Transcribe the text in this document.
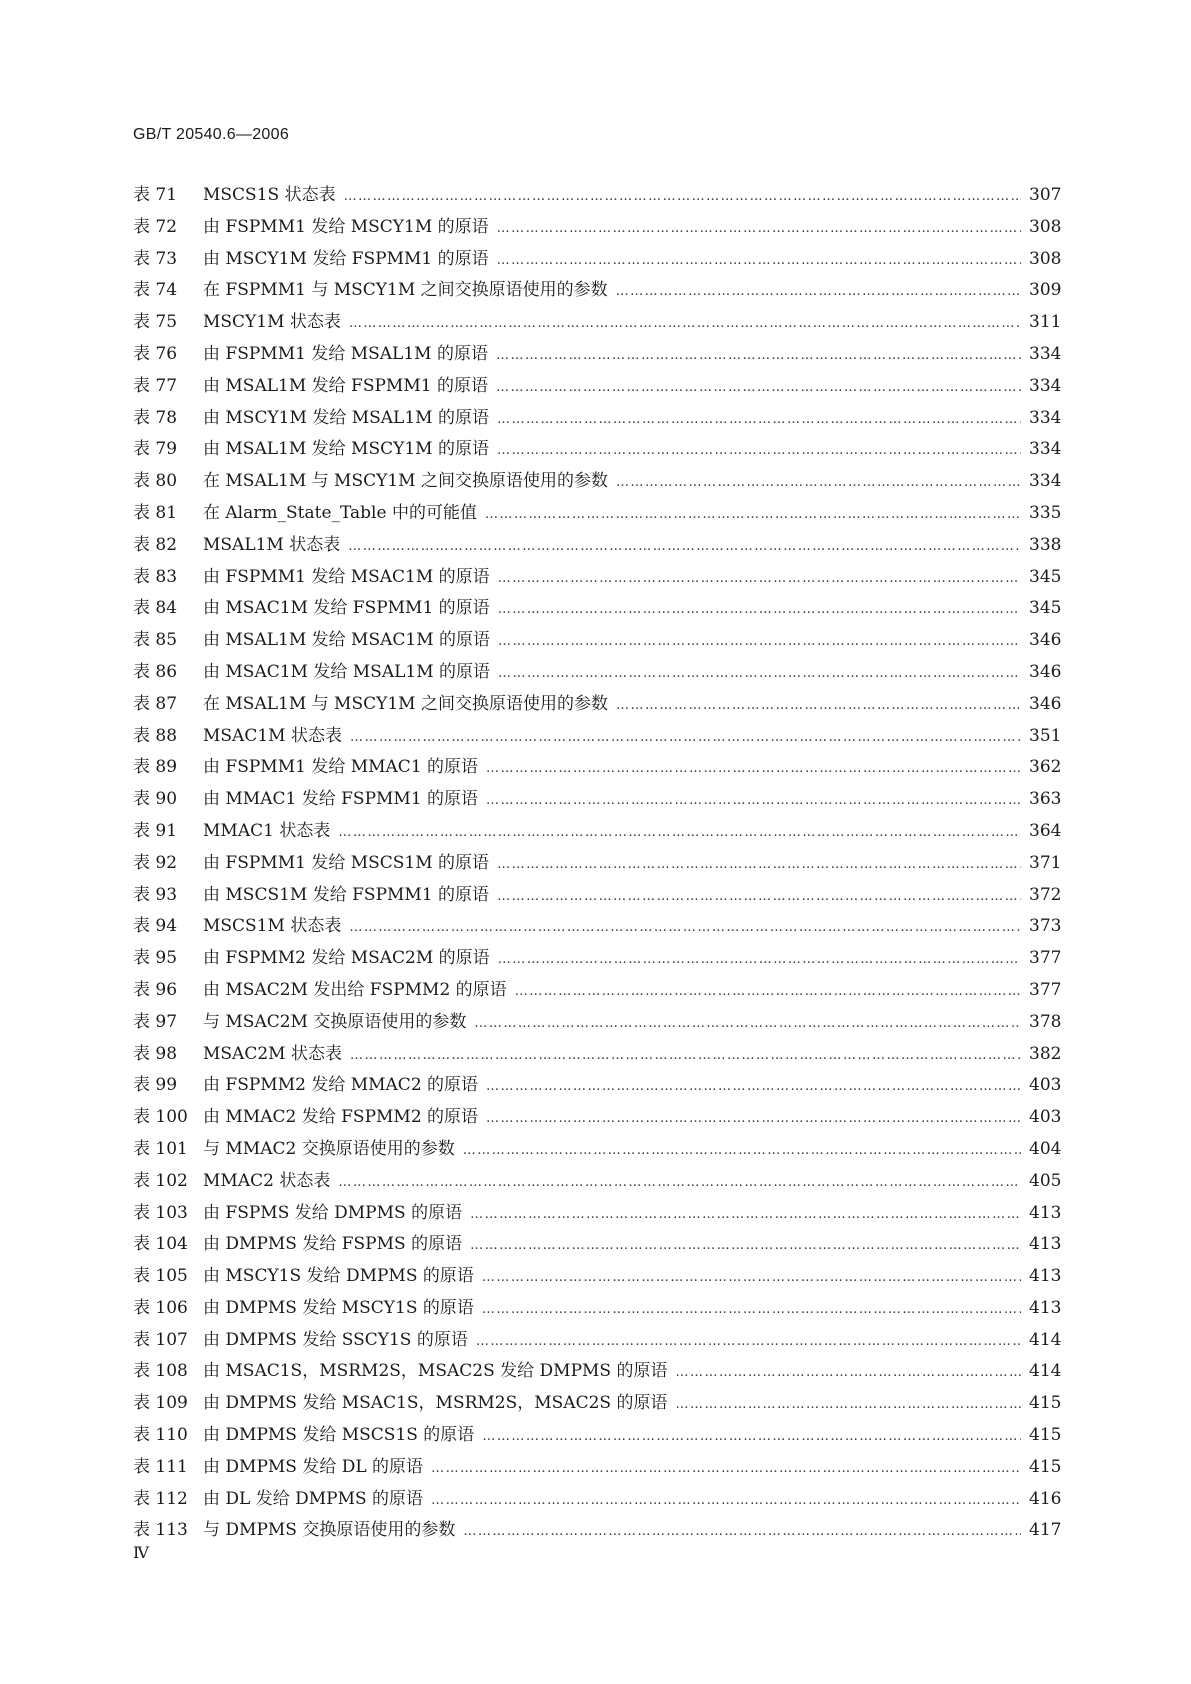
GB/T 20540.6—2006
表 71	MSCS1S 状态表 ……………………………………………………………………………………………………………………………………………………………………………………………	307
表 72	由 FSPMM1 发给 MSCY1M 的原语 ……………………………………………………………………………………………………………………………………………………………………………………………	308
表 73	由 MSCY1M 发给 FSPMM1 的原语 ……………………………………………………………………………………………………………………………………………………………………………………………	308
表 74	在 FSPMM1 与 MSCY1M 之间交换原语使用的参数 ……………………………………………………………………………………………………………………………………………………………………………………………	309
表 75	MSCY1M 状态表 ……………………………………………………………………………………………………………………………………………………………………………………………	311
表 76	由 FSPMM1 发给 MSAL1M 的原语 ……………………………………………………………………………………………………………………………………………………………………………………………	334
表 77	由 MSAL1M 发给 FSPMM1 的原语 ……………………………………………………………………………………………………………………………………………………………………………………………	334
表 78	由 MSCY1M 发给 MSAL1M 的原语 ……………………………………………………………………………………………………………………………………………………………………………………………	334
表 79	由 MSAL1M 发给 MSCY1M 的原语 ……………………………………………………………………………………………………………………………………………………………………………………………	334
表 80	在 MSAL1M 与 MSCY1M 之间交换原语使用的参数 ……………………………………………………………………………………………………………………………………………………………………………………………	334
表 81	在 Alarm_State_Table 中的可能值 ……………………………………………………………………………………………………………………………………………………………………………………………	335
表 82	MSAL1M 状态表 ……………………………………………………………………………………………………………………………………………………………………………………………	338
表 83	由 FSPMM1 发给 MSAC1M 的原语 ……………………………………………………………………………………………………………………………………………………………………………………………	345
表 84	由 MSAC1M 发给 FSPMM1 的原语 ……………………………………………………………………………………………………………………………………………………………………………………………	345
表 85	由 MSAL1M 发给 MSAC1M 的原语 ……………………………………………………………………………………………………………………………………………………………………………………………	346
表 86	由 MSAC1M 发给 MSAL1M 的原语 ……………………………………………………………………………………………………………………………………………………………………………………………	346
表 87	在 MSAL1M 与 MSCY1M 之间交换原语使用的参数 ……………………………………………………………………………………………………………………………………………………………………………………………	346
表 88	MSAC1M 状态表 ……………………………………………………………………………………………………………………………………………………………………………………………	351
表 89	由 FSPMM1 发给 MMAC1 的原语 ……………………………………………………………………………………………………………………………………………………………………………………………	362
表 90	由 MMAC1 发给 FSPMM1 的原语 ……………………………………………………………………………………………………………………………………………………………………………………………	363
表 91	MMAC1 状态表 ……………………………………………………………………………………………………………………………………………………………………………………………	364
表 92	由 FSPMM1 发给 MSCS1M 的原语 ……………………………………………………………………………………………………………………………………………………………………………………………	371
表 93	由 MSCS1M 发给 FSPMM1 的原语 ……………………………………………………………………………………………………………………………………………………………………………………………	372
表 94	MSCS1M 状态表 ……………………………………………………………………………………………………………………………………………………………………………………………	373
表 95	由 FSPMM2 发给 MSAC2M 的原语 ……………………………………………………………………………………………………………………………………………………………………………………………	377
表 96	由 MSAC2M 发出给 FSPMM2 的原语 ……………………………………………………………………………………………………………………………………………………………………………………………	377
表 97	与 MSAC2M 交换原语使用的参数 ……………………………………………………………………………………………………………………………………………………………………………………………	378
表 98	MSAC2M 状态表 ……………………………………………………………………………………………………………………………………………………………………………………………	382
表 99	由 FSPMM2 发给 MMAC2 的原语 ……………………………………………………………………………………………………………………………………………………………………………………………	403
表 100 由 MMAC2 发给 FSPMM2 的原语 ……………………………………………………………………………………………………………………………………………………………………………………………	403
表 101 与 MMAC2 交换原语使用的参数 ……………………………………………………………………………………………………………………………………………………………………………………………	404
表 102 MMAC2 状态表 ……………………………………………………………………………………………………………………………………………………………………………………………	405
表 103 由 FSPMS 发给 DMPMS 的原语 ……………………………………………………………………………………………………………………………………………………………………………………………	413
表 104 由 DMPMS 发给 FSPMS 的原语 ……………………………………………………………………………………………………………………………………………………………………………………………	413
表 105 由 MSCY1S 发给 DMPMS 的原语 ……………………………………………………………………………………………………………………………………………………………………………………………	413
表 106 由 DMPMS 发给 MSCY1S 的原语 ……………………………………………………………………………………………………………………………………………………………………………………………	413
表 107 由 DMPMS 发给 SSCY1S 的原语 ……………………………………………………………………………………………………………………………………………………………………………………………	414
表 108 由 MSAC1S，MSRM2S，MSAC2S 发给 DMPMS 的原语 ……………………………………………………………………………………………………………………………………………………………………………………………	414
表 109 由 DMPMS 发给 MSAC1S，MSRM2S，MSAC2S 的原语 ……………………………………………………………………………………………………………………………………………………………………………………………	415
表 110 由 DMPMS 发给 MSCS1S 的原语 ……………………………………………………………………………………………………………………………………………………………………………………………	415
表 111 由 DMPMS 发给 DL 的原语 ……………………………………………………………………………………………………………………………………………………………………………………………	415
表 112 由 DL 发给 DMPMS 的原语 ……………………………………………………………………………………………………………………………………………………………………………………………	416
表 113 与 DMPMS 交换原语使用的参数 ……………………………………………………………………………………………………………………………………………………………………………………………	417
Ⅳ
